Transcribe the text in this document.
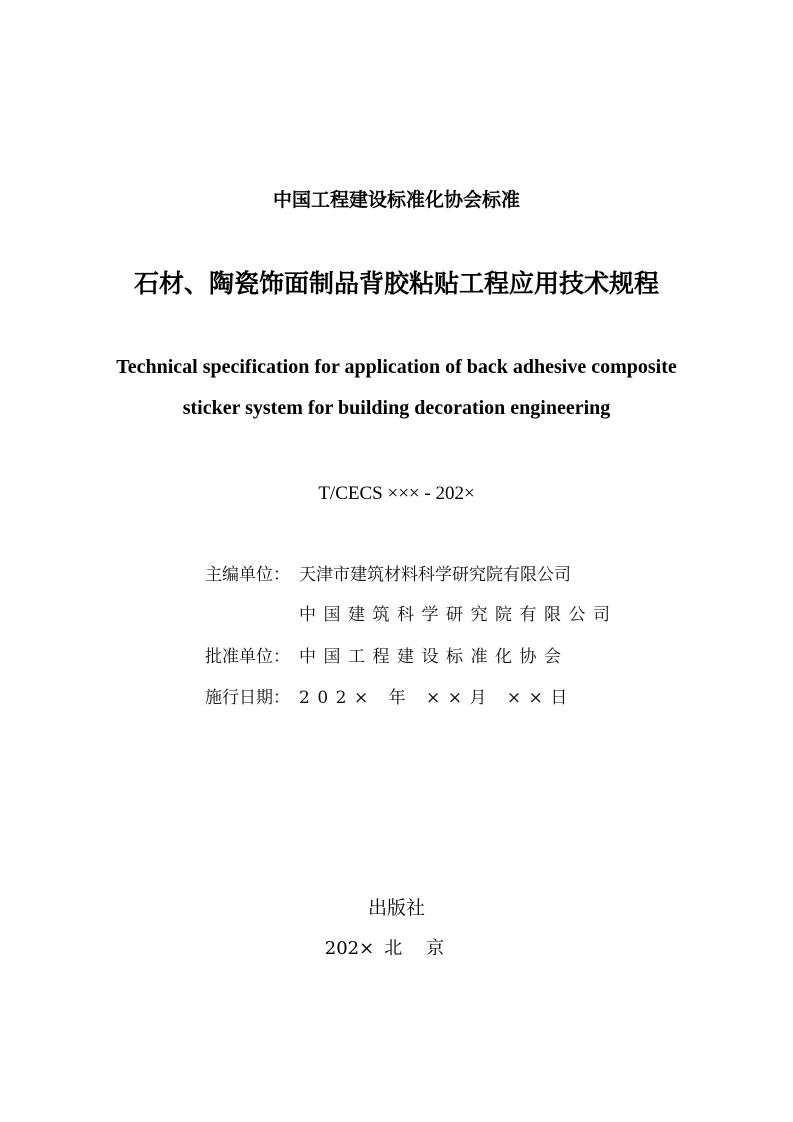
中国工程建设标准化协会标准
石材、陶瓷饰面制品背胶粘贴工程应用技术规程
Technical specification for application of back adhesive composite
sticker system for building decoration engineering
T/CECS ××× - 202×
主编单位： 天津市建筑材料科学研究院有限公司
中国建筑科学研究院有限公司
批准单位： 中国工程建设标准化协会
施行日期： 202× 年 ××月 ××日
出版社
202× 北京
